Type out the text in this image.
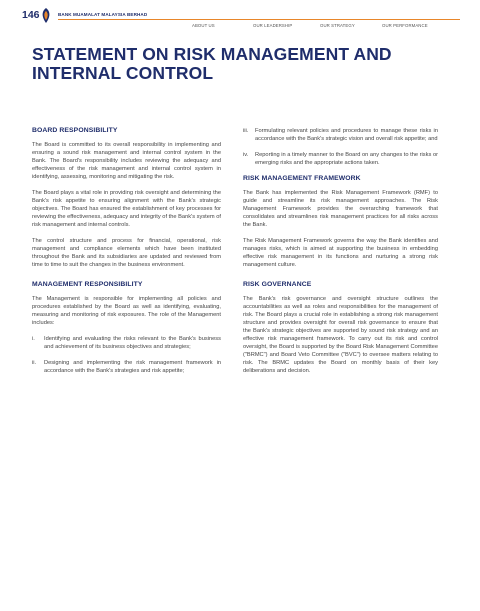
146	BANK MUAMALAT MALAYSIA BERHAD
ABOUT US	OUR LEADERSHIP	OUR STRATEGY	OUR PERFORMANCE
STATEMENT ON RISK MANAGEMENT AND INTERNAL CONTROL
BOARD RESPONSIBILITY

The Board is committed to its overall responsibility in implementing and ensuring a sound risk management and internal control system in the Bank. The Board's responsibility includes reviewing the adequacy and effectiveness of the risk management and internal control system in identifying, assessing, monitoring and mitigating the risk.

The Board plays a vital role in providing risk oversight and determining the Bank's risk appetite to ensuring alignment with the Bank's strategic objectives. The Board has ensured the establishment of key processes for reviewing the effectiveness, adequacy and integrity of the Bank's system of risk management and internal controls.

The control structure and process for financial, operational, risk management and compliance elements which have been instituted throughout the Bank and its subsidiaries are updated and reviewed from time to time to suit the changes in the business environment.

MANAGEMENT RESPONSIBILITY

The Management is responsible for implementing all policies and procedures established by the Board as well as identifying, evaluating, measuring and monitoring of risk exposures. The role of the Management includes:

i.	Identifying and evaluating the risks relevant to the Bank's business and achievement of its business objectives and strategies;
ii.	Designing and implementing the risk management framework in accordance with the Bank's strategies and risk appetite;
iii.	Formulating relevant policies and procedures to manage these risks in accordance with the Bank's strategic vision and overall risk appetite; and
iv.	Reporting in a timely manner to the Board on any changes to the risks or emerging risks and the appropriate actions taken.
RISK MANAGEMENT FRAMEWORK

The Bank has implemented the Risk Management Framework (RMF) to guide and streamline its risk management approaches. The Risk Management Framework provides the overarching framework that consolidates and streamlines risk management practices for all risks across the Bank.

The Risk Management Framework governs the way the Bank identifies and manages risks, which is aimed at supporting the business in embedding effective risk management in its functions and nurturing a strong risk management culture.

RISK GOVERNANCE

The Bank's risk governance and oversight structure outlines the accountabilities as well as roles and responsibilities for the management of risk. The Board plays a crucial role in establishing a strong risk management structure and provides oversight for overall risk governance to ensure that the Bank's strategic objectives are supported by sound risk strategy and an effective risk management framework. To carry out its risk and control oversight, the Board is supported by the Board Risk Management Committee ("BRMC") and Board Veto Committee ("BVC") to oversee matters relating to risk. The BRMC updates the Board on monthly basis of their key deliberations and decision.
